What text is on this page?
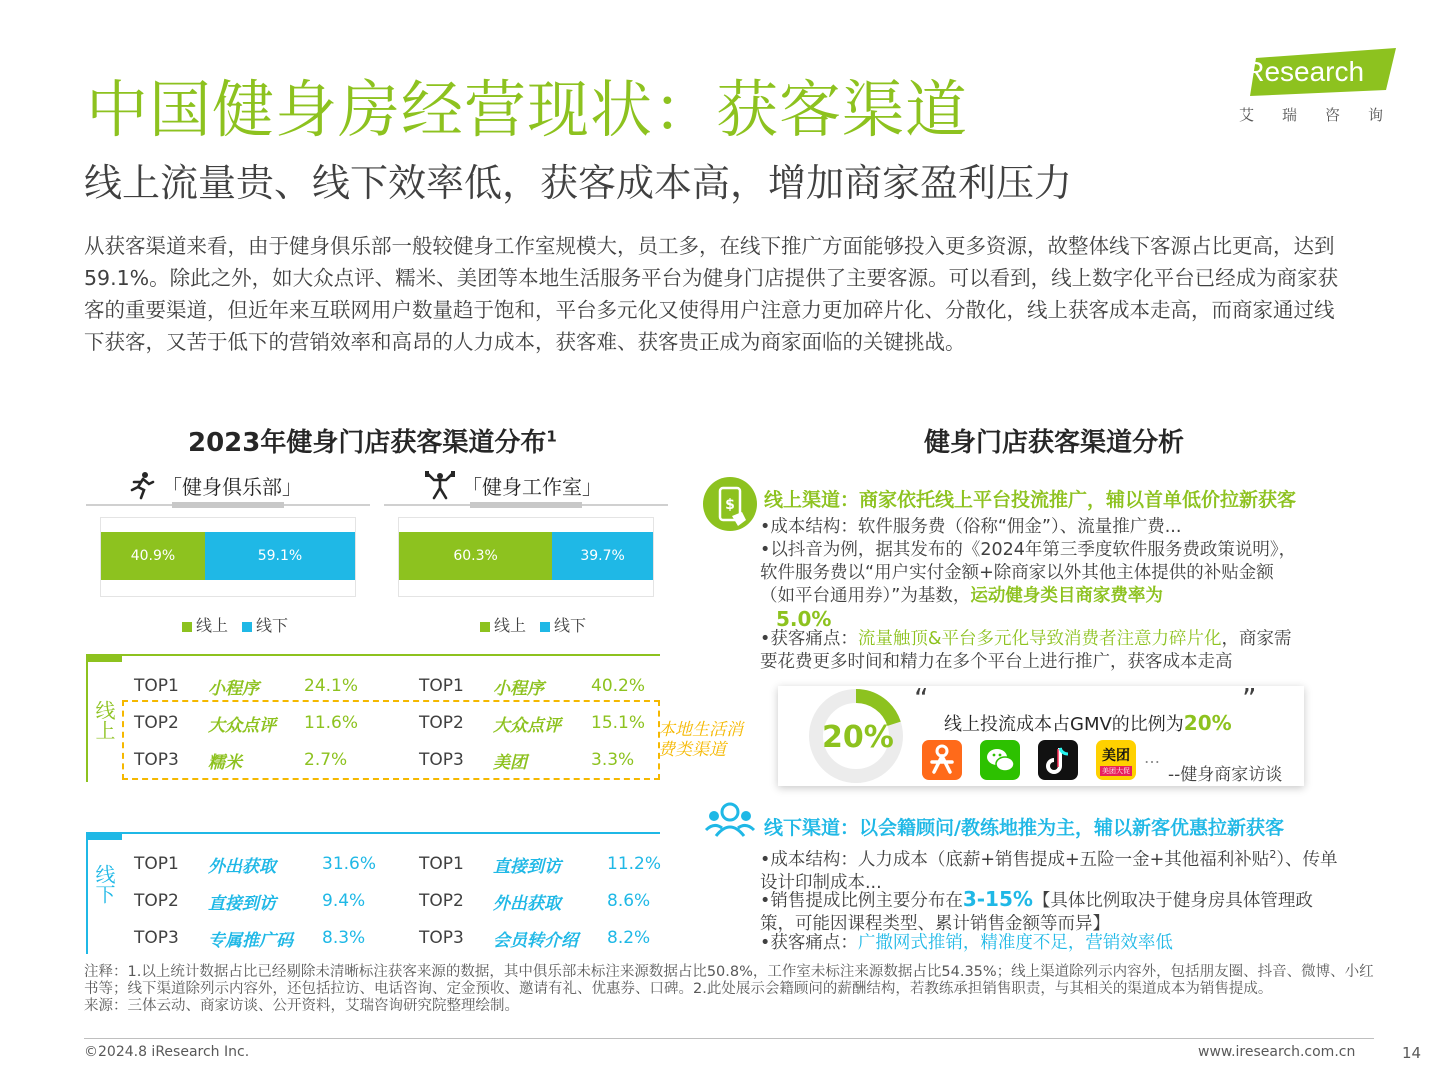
中国健身房经营现状：获客渠道
线上流量贵、线下效率低，获客成本高，增加商家盈利压力
iResearch
艾瑞咨询
从获客渠道来看，由于健身俱乐部一般较健身工作室规模大，员工多，在线下推广方面能够投入更多资源，故整体线下客源占比更高，达到59.1%。除此之外，如大众点评、糯米、美团等本地生活服务平台为健身门店提供了主要客源。可以看到，线上数字化平台已经成为商家获客的重要渠道，但近年来互联网用户数量趋于饱和，平台多元化又使得用户注意力更加碎片化、分散化，线上获客成本走高，而商家通过线下获客，又苦于低下的营销效率和高昂的人力成本，获客难、获客贵正成为商家面临的关键挑战。
2023年健身门店获客渠道分布$^1$
「健身俱乐部」	「健身工作室」
40.9%	59.1%	60.3%	39.7%
线上	线下	线上	线下
线上	本地生活消费类渠道
TOP1 小程序	24.1%
TOP2 大众点评 11.6%
TOP3 糯米	2.7%
TOP1 小程序	40.2%
TOP2 大众点评 15.1%
TOP3 美团	3.3%
线下 TOP1 外出获取	31.6%
TOP2 直接到访	9.4%
TOP3 专属推广码 8.3%
TOP1 直接到访	11.2%
TOP2 外出获取	8.6%
TOP3 会员转介绍 8.2%
健身门店获客渠道分析
$ 线上渠道：商家依托线上平台投流推广，辅以首单低价拉新获客
•成本结构：软件服务费（俗称“佣金”）、流量推广费...
•以抖音为例，据其发布的《2024年第三季度软件服务费政策说明》，软件服务费以“用户实付金额+除商家以外其他主体提供的补贴金额（如平台通用券）”为基数，运动健身类目商家费率为
5.0%
•获客痛点：流量触顶&平台多元化导致消费者注意力碎片化，商家需要花费更多时间和精力在多个平台上进行推广，获客成本走高
20%
“	”
线上投流成本占GMV的比例为20%
美团
美团大促
…
--健身商家访谈
线下渠道：以会籍顾问/教练地推为主，辅以新客优惠拉新获客
•成本结构：人力成本（底薪+销售提成+五险一金+其他福利补贴$^2$）、传单设计印制成本...
•销售提成比例主要分布在3-15%【具体比例取决于健身房具体管理政策，可能因课程类型、累计销售金额等而异】
•获客痛点：广撒网式推销，精准度不足，营销效率低
注释：1.以上统计数据占比已经剔除未清晰标注获客来源的数据，其中俱乐部未标注来源数据占比50.8%，工作室未标注来源数据占比54.35%；线上渠道除列示内容外，包括朋友圈、抖音、微博、小红书等；线下渠道除列示内容外，还包括拉访、电话咨询、定金预收、邀请有礼、优惠券、口碑。2.此处展示会籍顾问的薪酬结构，若教练承担销售职责，与其相关的渠道成本为销售提成。
来源：三体云动、商家访谈、公开资料，艾瑞咨询研究院整理绘制。
©2024.8 iResearch Inc.	www.iresearch.com.cn	14
